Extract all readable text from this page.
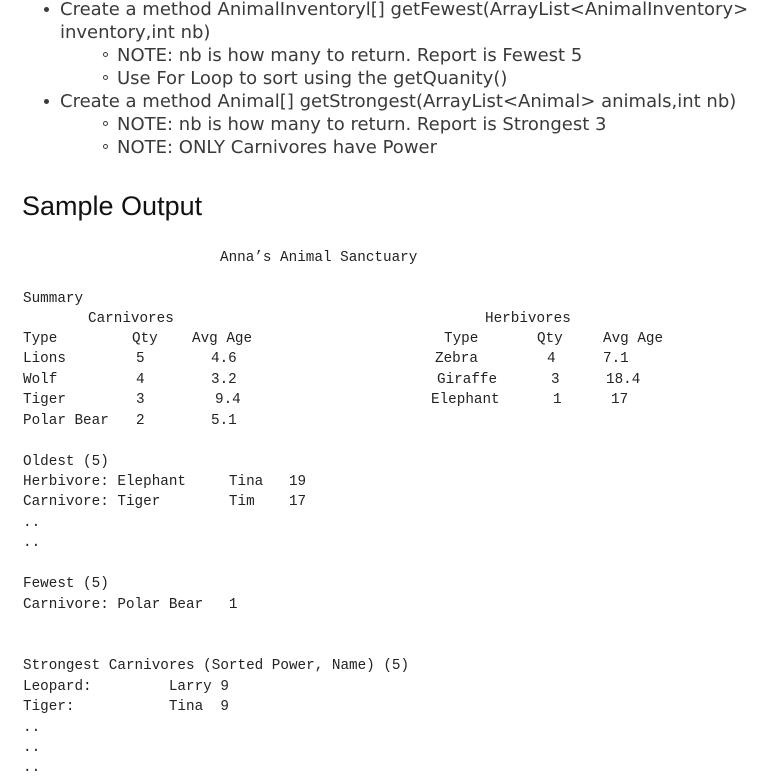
Create a method AnimalInventoryl[] getFewest(ArrayList<AnimalInventory>
inventory,int nb)
NOTE: nb is how many to return. Report is Fewest 5
Use For Loop to sort using the getQuanity()
Create a method Animal[] getStrongest(ArrayList<Animal> animals,int nb)
NOTE: nb is how many to return. Report is Strongest 3
NOTE: ONLY Carnivores have Power
Sample Output
Anna’s Animal Sanctuary
Summary
Carnivores
Type	Qty Avg Age
Lions	5	4.6
Wolf	4	3.2
Tiger	3	9.4
Polar Bear 2	5.1
Herbivores
Type	Qty	Avg Age
Zebra	4	7.1
Giraffe	3	18.4
Elephant	1	17
Oldest (5)
Herbivore: Elephant     Tina   19
Carnivore: Tiger        Tim    17
..
..
Fewest (5)
Carnivore: Polar Bear   1
Strongest Carnivores (Sorted Power, Name) (5)
Leopard:         Larry 9
Tiger:           Tina  9
..
..
..
